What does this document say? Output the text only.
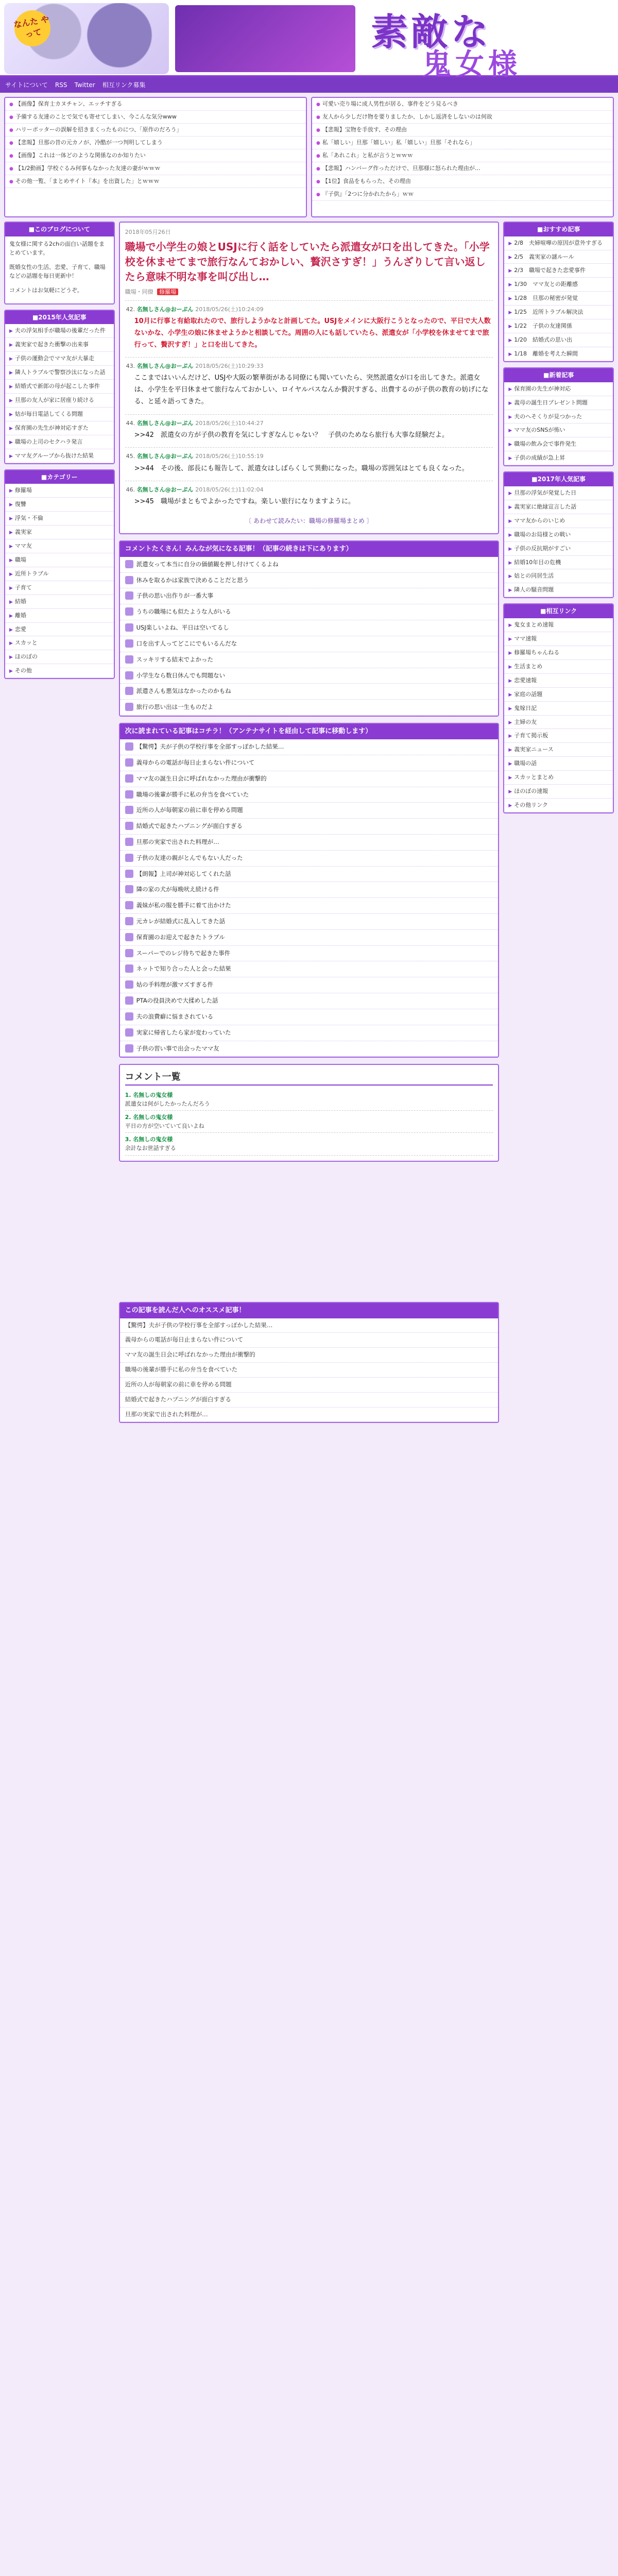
なんた やって	素敵な
鬼女様
サイトについて RSS Twitter 相互リンク募集
● 【画像】保育士カヌチャン、エッチすぎる
● 予備する友達のことで気でも寄せてしまい、今こんな気分www
● ハリーポッターの誤解を招きまくったものにつ、「原作のだろう」
● 【悲報】旦那の昔の元カノが、冷酷が一つ判明してしまう
● 【画像】これは一体どのような関係なのか知りたい
● 【1/2動画】学校ぐるみ何事もなかった友達の妻がｗｗｗ
● その他一覧、「まとめサイト『本』を出資した」とｗｗｗ
● 可愛い売り場に成人男性が居る、事件をどう見るべき
● 友人から少しだけ物を要りましたか、しかし返済をしないのは何故
● 【悲報】宝物を手放す、その理由
● 私「嬉しい」旦那「嬉しい」私「嬉しい」旦那「それなら」
● 私「あれこれ」と私が言うとｗｗｗ
● 【悲報】ハンバーグ作っただけで、旦那様に怒られた理由が…
● 【1位】食品をもらった、その理由
● 『子供』「2つに分かれたから」ｗｗ
■このブログについて

鬼女様に関する2chの面白い話題をまとめています。

既婚女性の生活、恋愛、子育て、職場などの話題を毎日更新中！

コメントはお気軽にどうぞ。

■2015年人気記事
▶ 夫の浮気相手が職場の後輩だった件
▶ 義実家で起きた衝撃の出来事
▶ 子供の運動会でママ友が大暴走
▶ 隣人トラブルで警察沙汰になった話
▶ 結婚式で新郎の母が起こした事件
▶ 旦那の友人が家に居座り続ける
▶ 姑が毎日電話してくる問題
▶ 保育園の先生が神対応すぎた
▶ 職場の上司のセクハラ発言
▶ ママ友グループから抜けた結果
■カテゴリー
▶ 修羅場
▶ 復讐
▶ 浮気・不倫
▶ 義実家
▶ ママ友
▶ 職場
▶ 近所トラブル
▶ 子育て
▶ 結婚
▶ 離婚
▶ 恋愛
▶ スカッと
▶ ほのぼの
▶ その他
2018年05月26日
職場で小学生の娘とUSJに行く話をしていたら派遣女が口を出してきた。「小学校を休ませてまで旅行なんておかしい、贅沢さすぎ！」うんざりして言い返したら意味不明な事を叫び出し…
職場・同僚 修羅場
42. 名無しさん@おーぷん 2018/05/26(土)10:24:09
10月に行事と有給取れたので、旅行しようかなと計画してた。USJをメインに大阪行こうとなったので、平日で大人数ないかな、小学生の娘に休ませようかと相談してた。周囲の人にも話していたら、派遣女が「小学校を休ませてまで旅行って、贅沢すぎ！」と口を出してきた。
43. 名無しさん@おーぷん 2018/05/26(土)10:29:33
ここまではいいんだけど、USJや大阪の繁華街がある同僚にも聞いていたら、突然派遣女が口を出してきた。派遣女は、小学生を平日休ませて旅行なんておかしい、ロイヤルパスなんか贅沢すぎる、出費するのが子供の教育の妨げになる、と延々語ってきた。
44. 名無しさん@おーぷん 2018/05/26(土)10:44:27
>>42　派遣女の方が子供の教育を気にしすぎなんじゃない？　子供のためなら旅行も大事な経験だよ。
45. 名無しさん@おーぷん 2018/05/26(土)10:55:19
>>44　その後、部長にも報告して、派遣女はしばらくして異動になった。職場の雰囲気はとても良くなった。
46. 名無しさん@おーぷん 2018/05/26(土)11:02:04
>>45　職場がまともでよかったですね。楽しい旅行になりますように。
〔 あわせて読みたい：職場の修羅場まとめ 〕
コメントたくさん！みんなが気になる記事！（記事の続きは下にあります）
派遣女って本当に自分の価値観を押し付けてくるよね
休みを取るかは家族で決めることだと思う
子供の思い出作りが一番大事
うちの職場にも似たような人がいる
USJ楽しいよね、平日は空いてるし
口を出す人ってどこにでもいるんだな
スッキリする結末でよかった
小学生なら数日休んでも問題ない
派遣さんも悪気はなかったのかもね
旅行の思い出は一生ものだよ
次に読まれている記事はコチラ！（アンテナサイトを経由して記事に移動します）
【驚愕】夫が子供の学校行事を全部すっぽかした結果…
義母からの電話が毎日止まらない件について
ママ友の誕生日会に呼ばれなかった理由が衝撃的
職場の後輩が勝手に私の弁当を食べていた
近所の人が毎朝家の前に車を停める問題
結婚式で起きたハプニングが面白すぎる
旦那の実家で出された料理が…
子供の友達の親がとんでもない人だった
【朗報】上司が神対応してくれた話
隣の家の犬が毎晩吠え続ける件
義妹が私の服を勝手に着て出かけた
元カレが結婚式に乱入してきた話
保育園のお迎えで起きたトラブル
スーパーでのレジ待ちで起きた事件
ネットで知り合った人と会った結果
姑の手料理が激マズすぎる件
PTAの役員決めで大揉めした話
夫の浪費癖に悩まされている
実家に帰省したら家が変わっていた
子供の習い事で出会ったママ友
コメント一覧
1. 名無しの鬼女様
派遣女は何がしたかったんだろう
2. 名無しの鬼女様
平日の方が空いていて良いよね
3. 名無しの鬼女様
余計なお世話すぎる
この記事を読んだ人へのオススメ記事！
【驚愕】夫が子供の学校行事を全部すっぽかした結果…
義母からの電話が毎日止まらない件について
ママ友の誕生日会に呼ばれなかった理由が衝撃的
職場の後輩が勝手に私の弁当を食べていた
近所の人が毎朝家の前に車を停める問題
結婚式で起きたハプニングが面白すぎる
旦那の実家で出された料理が…
■おすすめ記事
▶ 2/8　夫婦喧嘩の原因が意外すぎる
▶ 2/5　義実家の謎ルール
▶ 2/3　職場で起きた恋愛事件
▶ 1/30　ママ友との距離感
▶ 1/28　旦那の秘密が発覚
▶ 1/25　近所トラブル解決法
▶ 1/22　子供の友達関係
▶ 1/20　結婚式の思い出
▶ 1/18　離婚を考えた瞬間
■新着記事
▶ 保育園の先生が神対応
▶ 義母の誕生日プレゼント問題
▶ 夫のへそくりが見つかった
▶ ママ友のSNSが怖い
▶ 職場の飲み会で事件発生
▶ 子供の成績が急上昇
■2017年人気記事
▶ 旦那の浮気が発覚した日
▶ 義実家に絶縁宣言した話
▶ ママ友からのいじめ
▶ 職場のお局様との戦い
▶ 子供の反抗期がすごい
▶ 結婚10年目の危機
▶ 姑との同居生活
▶ 隣人の騒音問題
■相互リンク
▶ 鬼女まとめ速報
▶ ママ速報
▶ 修羅場ちゃんねる
▶ 生活まとめ
▶ 恋愛速報
▶ 家庭の話題
▶ 鬼嫁日記
▶ 主婦の友
▶ 子育て掲示板
▶ 義実家ニュース
▶ 職場の話
▶ スカッとまとめ
▶ ほのぼの速報
▶ その他リンク
